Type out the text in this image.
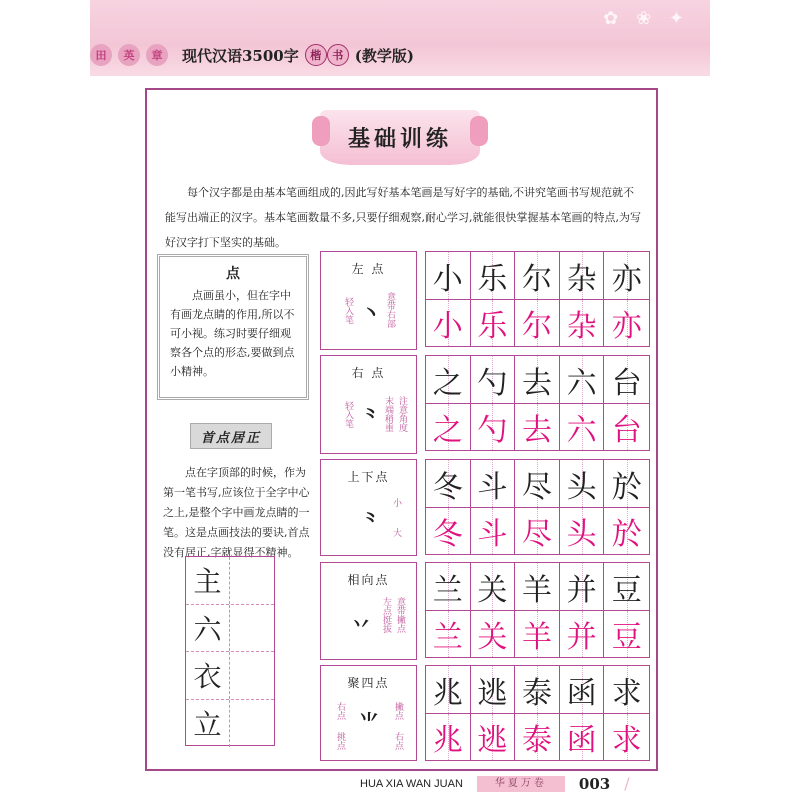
✿ ❀ ✦
田	英	章	现代汉语3500字	楷	书 (教学版)
基础训练

每个汉字都是由基本笔画组成的,因此写好基本笔画是写好字的基础,不讲究笔画书写规范就不能写出端正的汉字。基本笔画数量不多,只要仔细观察,耐心学习,就能很快掌握基本笔画的特点,为写好汉字打下坚实的基础。

点

点画虽小，但在字中有画龙点睛的作用,所以不可小视。练习时要仔细观察各个点的形态,要做到点小精神。

首点居正

点在字顶部的时候，作为第一笔书写,应该位于全字中心之上,是整个字中画龙点睛的一笔。这是点画技法的要诀,首点没有居正,字就显得不精神。

主
六
衣
立
左 点
轻入笔 丶 意带右部
小 乐 尔 杂 亦
小 乐 尔 杂 亦
右 点
轻入笔 ⺀ 末端稍重 注意角度
之 勺 去 六 台
之 勺 去 六 台
上下点
⺀
小
大
冬 斗 尽 头 於
冬 斗 尽 头 於
相向点
丷 左点挺拔 意带撇点
兰 关 羊 并 豆
兰 关 羊 并 豆
聚四点
右点	撇点
⺌
挑点	右点
兆 逃 泰 函 求
兆 逃 泰 函 求
HUA XIA WAN JUAN	华夏万卷	003 /
